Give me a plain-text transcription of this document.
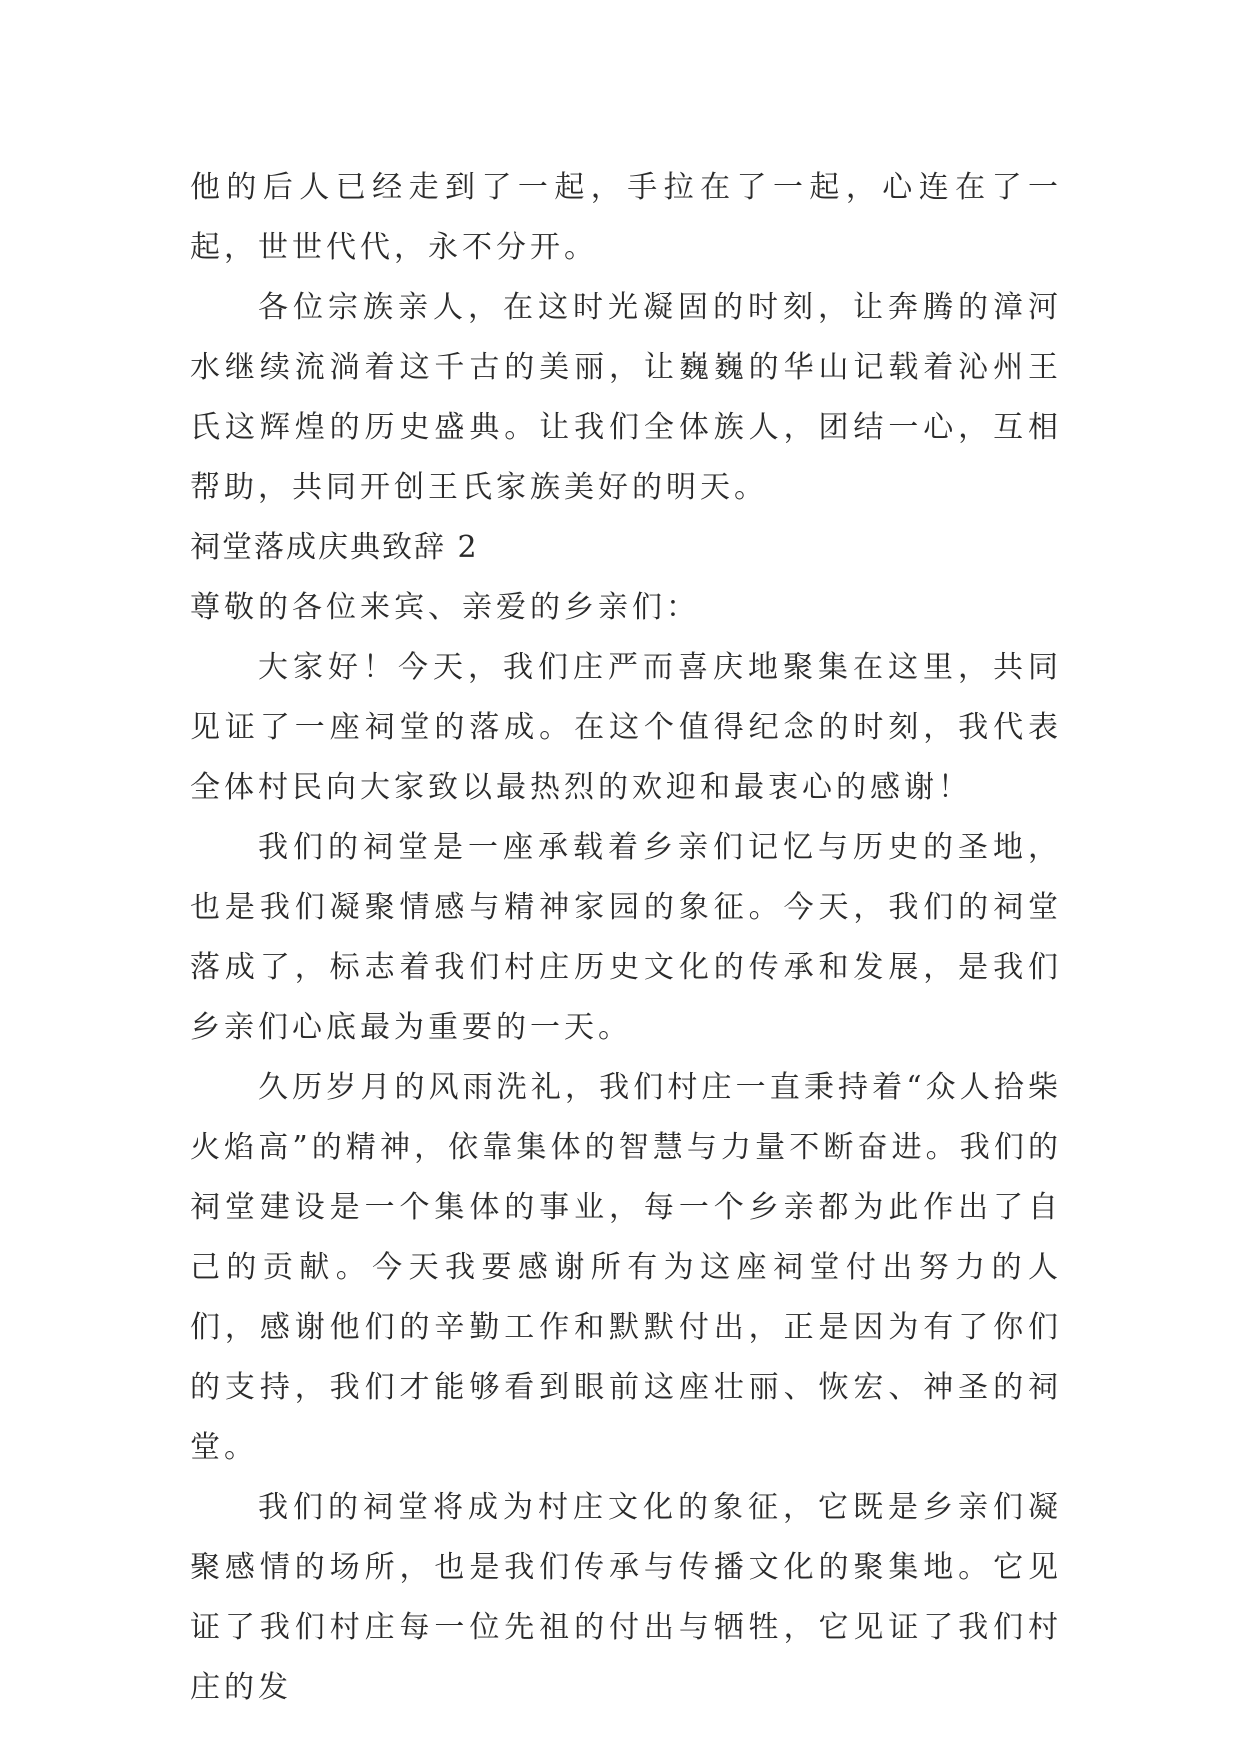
他的后人已经走到了一起，手拉在了一起，心连在了一起，世世代代，永不分开。

各位宗族亲人，在这时光凝固的时刻，让奔腾的漳河水继续流淌着这千古的美丽，让巍巍的华山记载着沁州王氏这辉煌的历史盛典。让我们全体族人，团结一心，互相帮助，共同开创王氏家族美好的明天。

祠堂落成庆典致辞 2

尊敬的各位来宾、亲爱的乡亲们：

大家好！今天，我们庄严而喜庆地聚集在这里，共同见证了一座祠堂的落成。在这个值得纪念的时刻，我代表全体村民向大家致以最热烈的欢迎和最衷心的感谢！

我们的祠堂是一座承载着乡亲们记忆与历史的圣地，也是我们凝聚情感与精神家园的象征。今天，我们的祠堂落成了，标志着我们村庄历史文化的传承和发展，是我们乡亲们心底最为重要的一天。

久历岁月的风雨洗礼，我们村庄一直秉持着“众人拾柴火焰高”的精神，依靠集体的智慧与力量不断奋进。我们的祠堂建设是一个集体的事业，每一个乡亲都为此作出了自己的贡献。今天我要感谢所有为这座祠堂付出努力的人们，感谢他们的辛勤工作和默默付出，正是因为有了你们的支持，我们才能够看到眼前这座壮丽、恢宏、神圣的祠堂。

我们的祠堂将成为村庄文化的象征，它既是乡亲们凝聚感情的场所，也是我们传承与传播文化的聚集地。它见证了我们村庄每一位先祖的付出与牺牲，它见证了我们村庄的发
